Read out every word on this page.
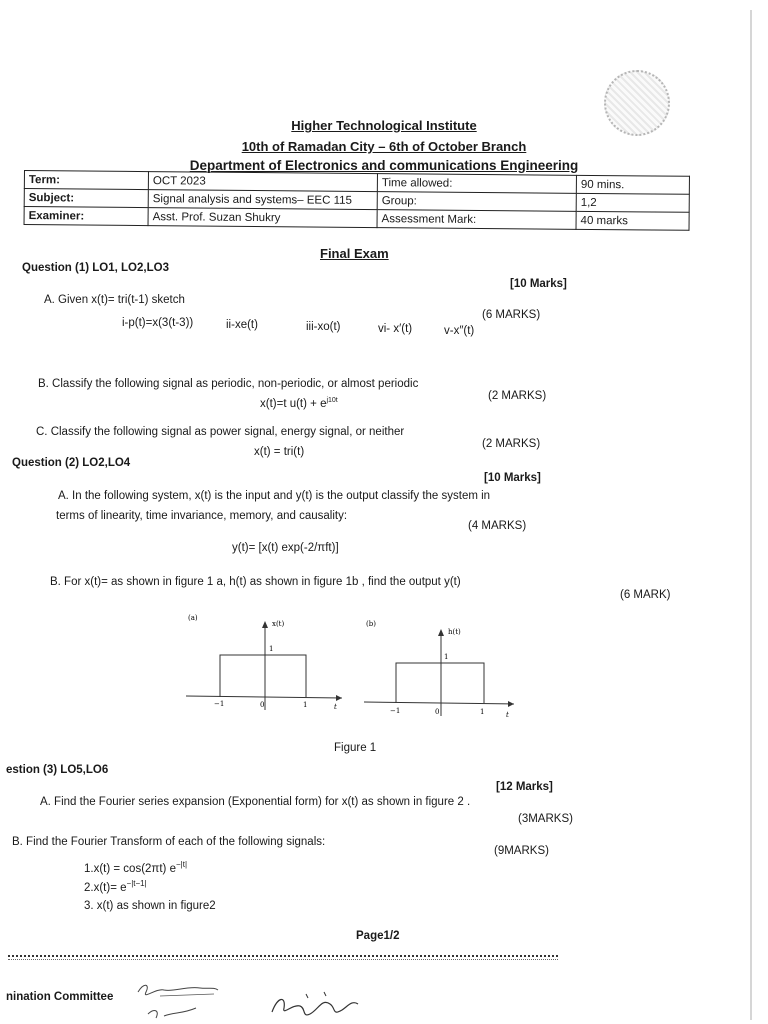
Higher Technological Institute
10th of Ramadan City – 6th of October Branch
Department of Electronics and communications Engineering
Term:	OCT 2023	Time allowed:	90 mins.
Subject:	Signal analysis and systems– EEC 115	Group:	1,2
Examiner:	Asst. Prof. Suzan Shukry	Assessment Mark:	40 marks
Final Exam
Question (1) LO1, LO2,LO3
[10 Marks]
A. Given x(t)= tri(t-1) sketch
(6 MARKS)
i-p(t)=x(3(t-3))	ii-xe(t)	iii-xo(t)	vi- x′(t)	v-x″(t)
B. Classify the following signal as periodic, non-periodic, or almost periodic
(2 MARKS)
x(t)=t $u(t) + e^{j10t}$
C. Classify the following signal as power signal, energy signal, or neither
(2 MARKS)
x(t) = tri(t)
Question (2) LO2,LO4
[10 Marks]
A. In the following system, x(t) is the input and y(t) is the output classify the system in
terms of linearity, time invariance, memory, and causality:
(4 MARKS)
y(t)= [x(t) exp(-2/πft)]
B. For x(t)= as shown in figure 1 a, h(t) as shown in figure 1b , find the output y(t)
(6 MARK)
(a)
x(t)
1
−1	0	1	t
(b)
h(t)
1
−1	0	1	t
Figure 1
estion (3) LO5,LO6
[12 Marks]
A. Find the Fourier series expansion (Exponential form) for x(t) as shown in figure 2 .
(3MARKS)
B. Find the Fourier Transform of each of the following signals:
(9MARKS)
1.x(t) = cos(2πt) $e^{-|t|}$
$2.x(t)= e^{-|t-1|}$
3. x(t) as shown in figure2
Page1/2
nination Committee
